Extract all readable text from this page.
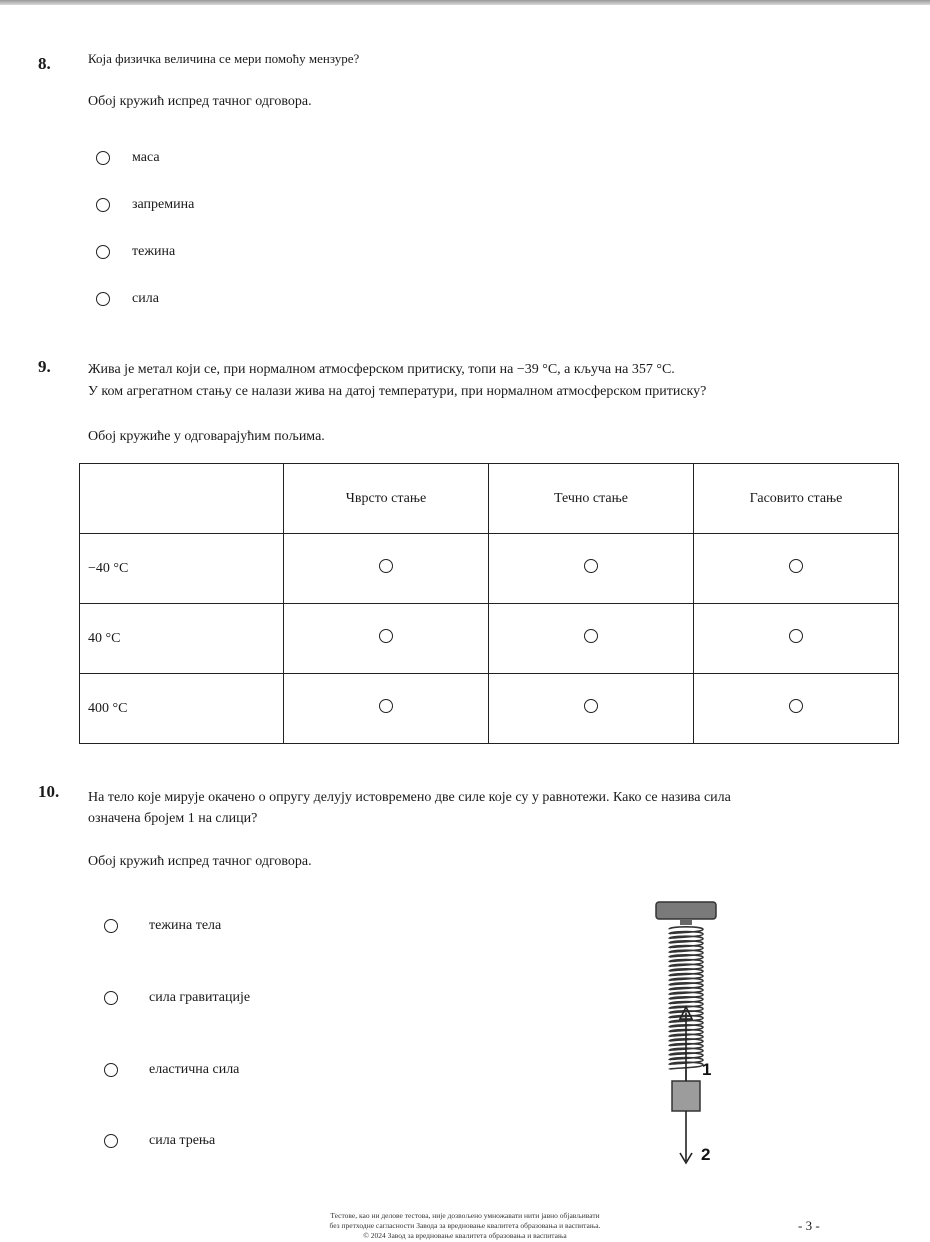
8.	Која физичка величина се мери помоћу мензуре?
Обој кружић испред тачног одговора.
маса
запремина
тежина
сила
9.	Жива је метал који се, при нормалном атмосферском притиску, топи на −39 °С, а кључа на 357 °С.
У ком агрегатном стању се налази жива на датој температури, при нормалном атмосферском притиску?
Обој кружиће у одговарајућим пољима.
	Чврсто стање	Течно стање	Гасовито стање
−40 °С			
40 °С			
400 °С			
10. На тело које мирује окачено о опругу делују истовремено две силе које су у равнотежи. Како се назива сила
означена бројем 1 на слици?
Обој кружић испред тачног одговора.
тежина тела
сила гравитације
еластична сила
сила трења
1
2
Тестове, као ни делове тестова, није дозвољено умножавати нити јавно објављивати
без претходне сагласности Завода за вредновање квалитета образовања и васпитања.
© 2024 Завод за вредновање квалитета образовања и васпитања
- 3 -
